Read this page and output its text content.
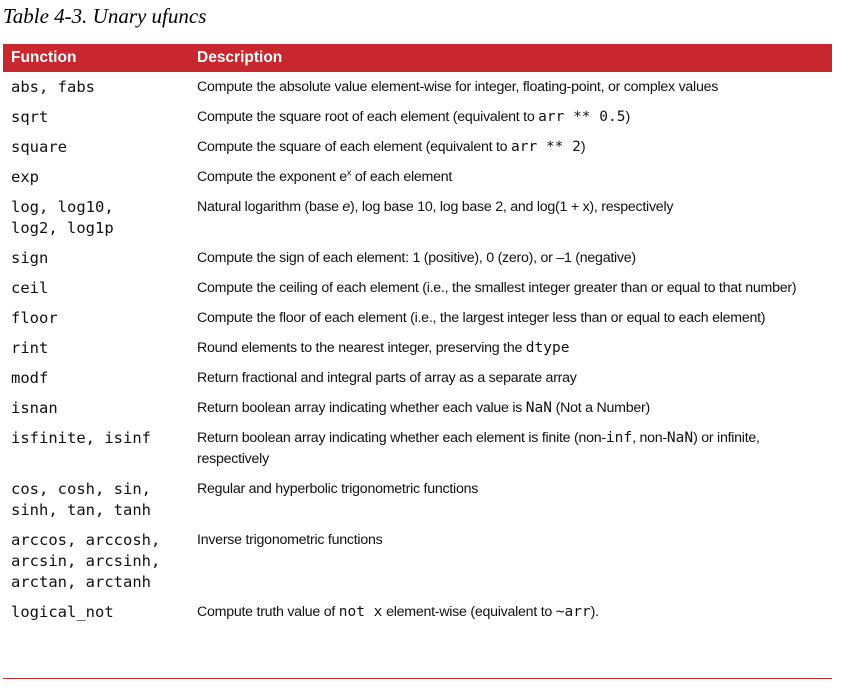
Table 4-3. Unary ufuncs
Function	Description

abs, fabs	Compute the absolute value element-wise for integer, floating-point, or complex values

sqrt	Compute the square root of each element (equivalent to arr ** 0.5)

square	Compute the square of each element (equivalent to arr ** 2)

exp	Compute the exponent $e^x$ of each element

log, log10,
log2, log1p	Natural logarithm (base e), log base 10, log base 2, and log(1 + x), respectively

sign	Compute the sign of each element: 1 (positive), 0 (zero), or –1 (negative)

ceil	Compute the ceiling of each element (i.e., the smallest integer greater than or equal to that number)

floor	Compute the floor of each element (i.e., the largest integer less than or equal to each element)

rint	Round elements to the nearest integer, preserving the dtype

modf	Return fractional and integral parts of array as a separate array

isnan	Return boolean array indicating whether each value is NaN (Not a Number)

isfinite, isinf	Return boolean array indicating whether each element is finite (non-inf, non-NaN) or infinite, respectively

cos, cosh, sin,
sinh, tan, tanh	Regular and hyperbolic trigonometric functions

arccos, arccosh,
arcsin, arcsinh,
arctan, arctanh	Inverse trigonometric functions

logical_not	Compute truth value of not x element-wise (equivalent to ~arr).
